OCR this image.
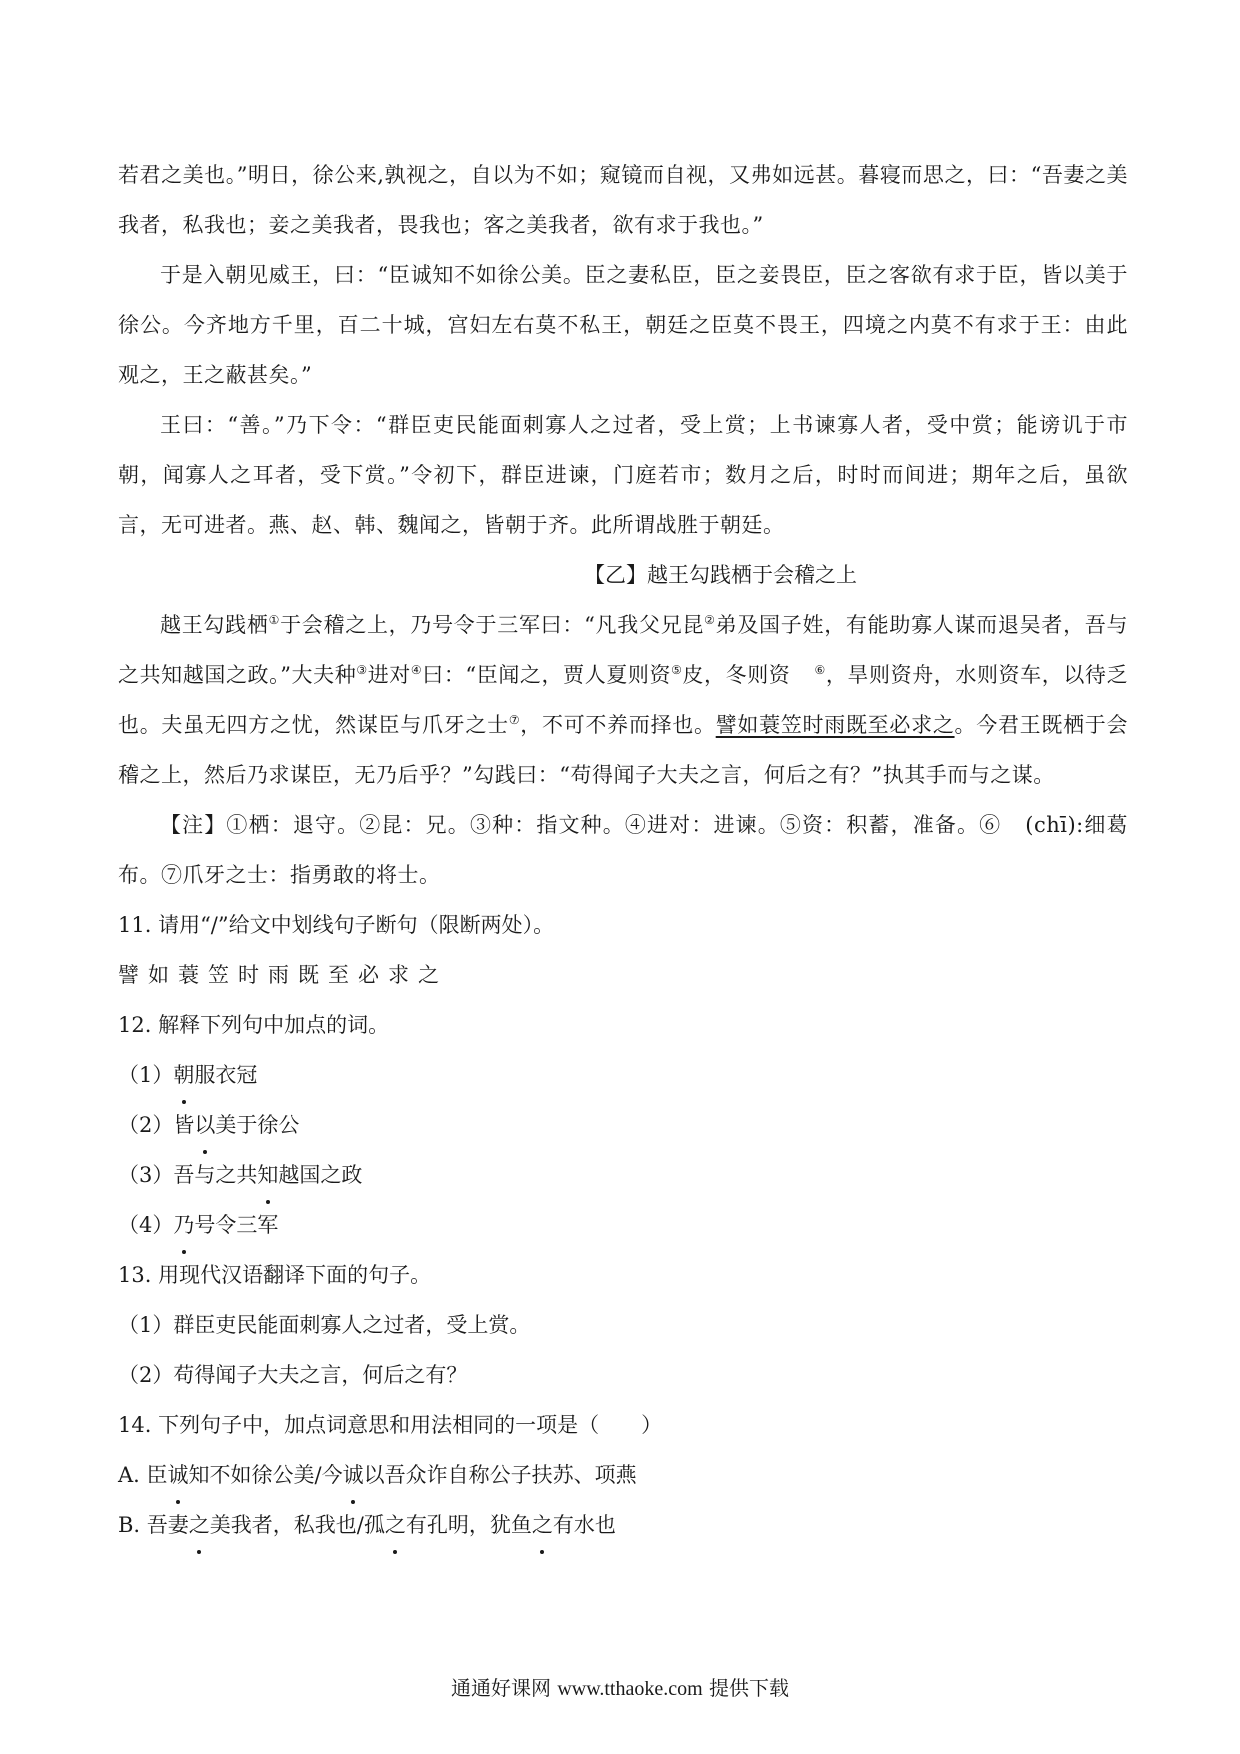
若君之美也。”明日，徐公来,孰视之，自以为不如；窥镜而自视，又弗如远甚。暮寝而思之，曰：“吾妻之美我者，私我也；妾之美我者，畏我也；客之美我者，欲有求于我也。”

于是入朝见威王，曰：“臣诚知不如徐公美。臣之妻私臣，臣之妾畏臣，臣之客欲有求于臣，皆以美于徐公。今齐地方千里，百二十城，宫妇左右莫不私王，朝廷之臣莫不畏王，四境之内莫不有求于王：由此观之，王之蔽甚矣。”

王曰：“善。”乃下令：“群臣吏民能面刺寡人之过者，受上赏；上书谏寡人者，受中赏；能谤讥于市朝，闻寡人之耳者，受下赏。”令初下，群臣进谏，门庭若市；数月之后，时时而间进；期年之后，虽欲言，无可进者。燕、赵、韩、魏闻之，皆朝于齐。此所谓战胜于朝廷。

【乙】越王勾践栖于会稽之上

越王勾践栖①于会稽之上，乃号令于三军曰：“凡我父兄昆②弟及国子姓，有能助寡人谋而退吴者，吾与之共知越国之政。”大夫种③进对④曰：“臣闻之，贾人夏则资⑤皮，冬则资 ⑥，旱则资舟，水则资车，以待乏也。夫虽无四方之忧，然谋臣与爪牙之士⑦，不可不养而择也。譬如蓑笠时雨既至必求之。今君王既栖于会稽之上，然后乃求谋臣，无乃后乎？”勾践曰：“苟得闻子大夫之言，何后之有？”执其手而与之谋。

【注】①栖：退守。②昆：兄。③种：指文种。④进对：进谏。⑤资：积蓄，准备。⑥ (chī):细葛布。⑦爪牙之士：指勇敢的将士。

11. 请用“/”给文中划线句子断句（限断两处）。

譬如蓑笠时雨既至必求之

12. 解释下列句中加点的词。

（1）朝服衣冠

（2）皆以美于徐公

（3）吾与之共知越国之政

（4）乃号令三军

13. 用现代汉语翻译下面的句子。

（1）群臣吏民能面刺寡人之过者，受上赏。

（2）苟得闻子大夫之言，何后之有？

14. 下列句子中，加点词意思和用法相同的一项是（　　）

A. 臣诚知不如徐公美/今诚以吾众诈自称公子扶苏、项燕

B. 吾妻之美我者，私我也/孤之有孔明，犹鱼之有水也

通通好课网 www.tthaoke.com 提供下载
